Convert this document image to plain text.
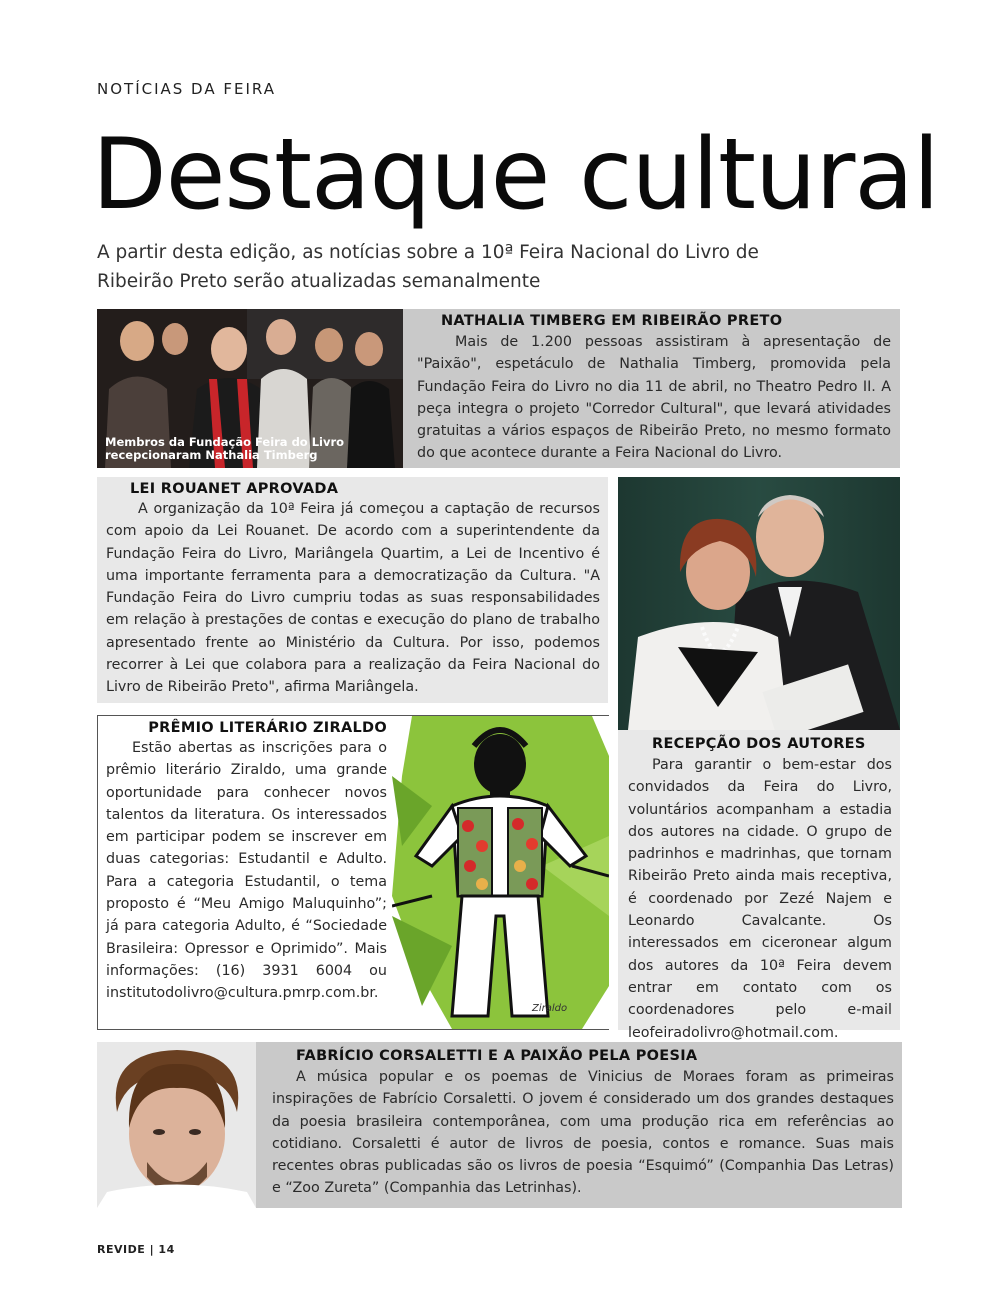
NOTÍCIAS DA FEIRA
Destaque cultural

A partir desta edição, as notícias sobre a 10ª Feira Nacional do Livro de Ribeirão Preto serão atualizadas semanalmente

Membros da Fundação Feira do Livro recepcionaram Nathalia Timberg
NATHALIA TIMBERG EM RIBEIRÃO PRETO

Mais de 1.200 pessoas assistiram à apresentação de "Paixão", espetáculo de Nathalia Timberg, promovida pela Fundação Feira do Livro no dia 11 de abril, no Theatro Pedro II. A peça integra o projeto "Corredor Cultural", que levará atividades gratuitas a vários espaços de Ribeirão Preto, no mesmo formato do que acontece durante a Feira Nacional do Livro.

LEI ROUANET APROVADA

A organização da 10ª Feira já começou a captação de recursos com apoio da Lei Rouanet. De acordo com a superintendente da Fundação Feira do Livro, Mariângela Quartim, a Lei de Incentivo é uma importante ferramenta para a democratização da Cultura. "A Fundação Feira do Livro cumpriu todas as suas responsabilidades em relação à prestações de contas e execução do plano de trabalho apresentado frente ao Ministério da Cultura. Por isso, podemos recorrer à Lei que colabora para a realização da Feira Nacional do Livro de Ribeirão Preto", afirma Mariângela.

PRÊMIO LITERÁRIO ZIRALDO

Estão abertas as inscrições para o prêmio literário Ziraldo, uma grande oportunidade para conhecer novos talentos da literatura. Os interessados em participar podem se inscrever em duas categorias: Estudantil e Adulto. Para a categoria Estudantil, o tema proposto é “Meu Amigo Maluquinho”; já para categoria Adulto, é “Sociedade Brasileira: Opressor e Oprimido”. Mais informações: (16) 3931 6004 ou institutodolivro@cultura.pmrp.com.br.

Ziraldo
RECEPÇÃO DOS AUTORES

Para garantir o bem-estar dos convidados da Feira do Livro, voluntários acompanham a estadia dos autores na cidade. O grupo de padrinhos e madrinhas, que tornam Ribeirão Preto ainda mais receptiva, é coordenado por Zezé Najem e Leonardo Cavalcante. Os interessados em ciceronear algum dos autores da 10ª Feira devem entrar em contato com os coordenadores pelo e-mail leofeiradolivro@hotmail.com.

FABRÍCIO CORSALETTI E A PAIXÃO PELA POESIA

A música popular e os poemas de Vinicius de Moraes foram as primeiras inspirações de Fabrício Corsaletti. O jovem é considerado um dos grandes destaques da poesia brasileira contemporânea, com uma produção rica em referências ao cotidiano. Corsaletti é autor de livros de poesia, contos e romance. Suas mais recentes obras publicadas são os livros de poesia “Esquimó” (Companhia Das Letras) e “Zoo Zureta” (Companhia das Letrinhas).

REVIDE | 14
